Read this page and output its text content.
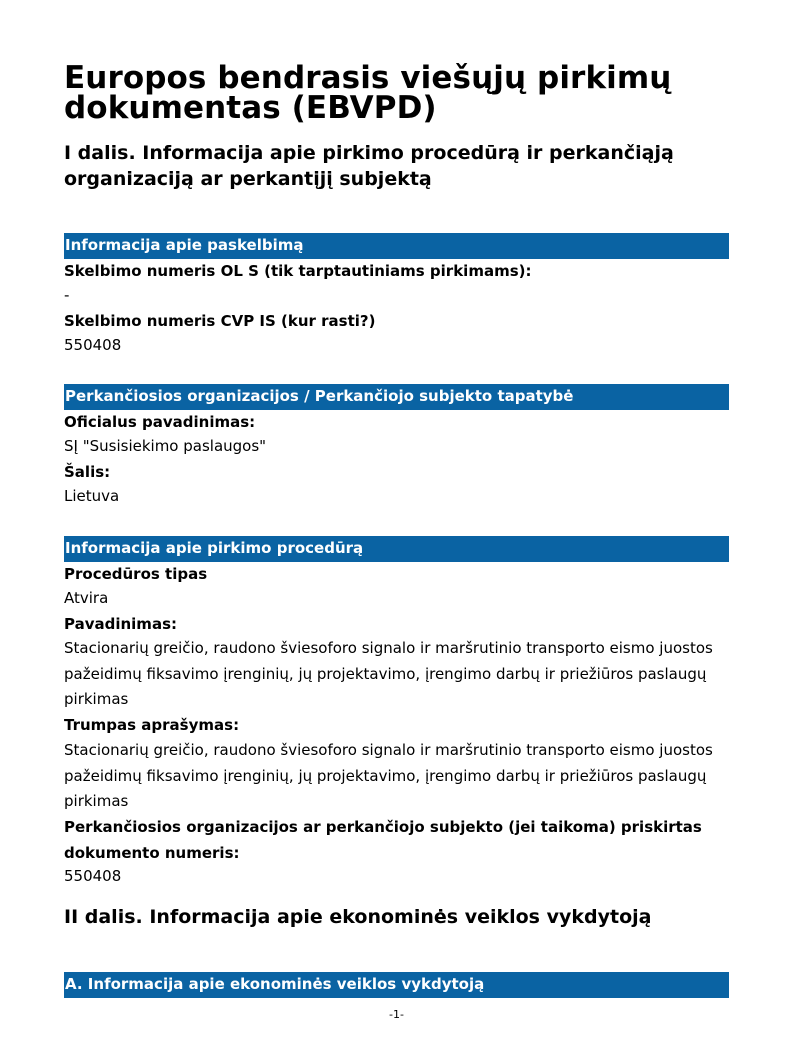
Europos bendrasis viešųjų pirkimų dokumentas (EBVPD)
I dalis. Informacija apie pirkimo procedūrą ir perkančiąją organizaciją ar perkantįjį subjektą
Informacija apie paskelbimą
Skelbimo numeris OL S (tik tarptautiniams pirkimams):
-
Skelbimo numeris CVP IS (kur rasti?)
550408
Perkančiosios organizacijos / Perkančiojo subjekto tapatybė
Oficialus pavadinimas:
SĮ "Susisiekimo paslaugos"
Šalis:
Lietuva
Informacija apie pirkimo procedūrą
Procedūros tipas
Atvira
Pavadinimas:
Stacionarių greičio, raudono šviesoforo signalo ir maršrutinio transporto eismo juostos pažeidimų fiksavimo įrenginių, jų projektavimo, įrengimo darbų ir priežiūros paslaugų pirkimas
Trumpas aprašymas:
Stacionarių greičio, raudono šviesoforo signalo ir maršrutinio transporto eismo juostos pažeidimų fiksavimo įrenginių, jų projektavimo, įrengimo darbų ir priežiūros paslaugų pirkimas
Perkančiosios organizacijos ar perkančiojo subjekto (jei taikoma) priskirtas dokumento numeris:
550408
II dalis. Informacija apie ekonominės veiklos vykdytoją
A. Informacija apie ekonominės veiklos vykdytoją
-1-
